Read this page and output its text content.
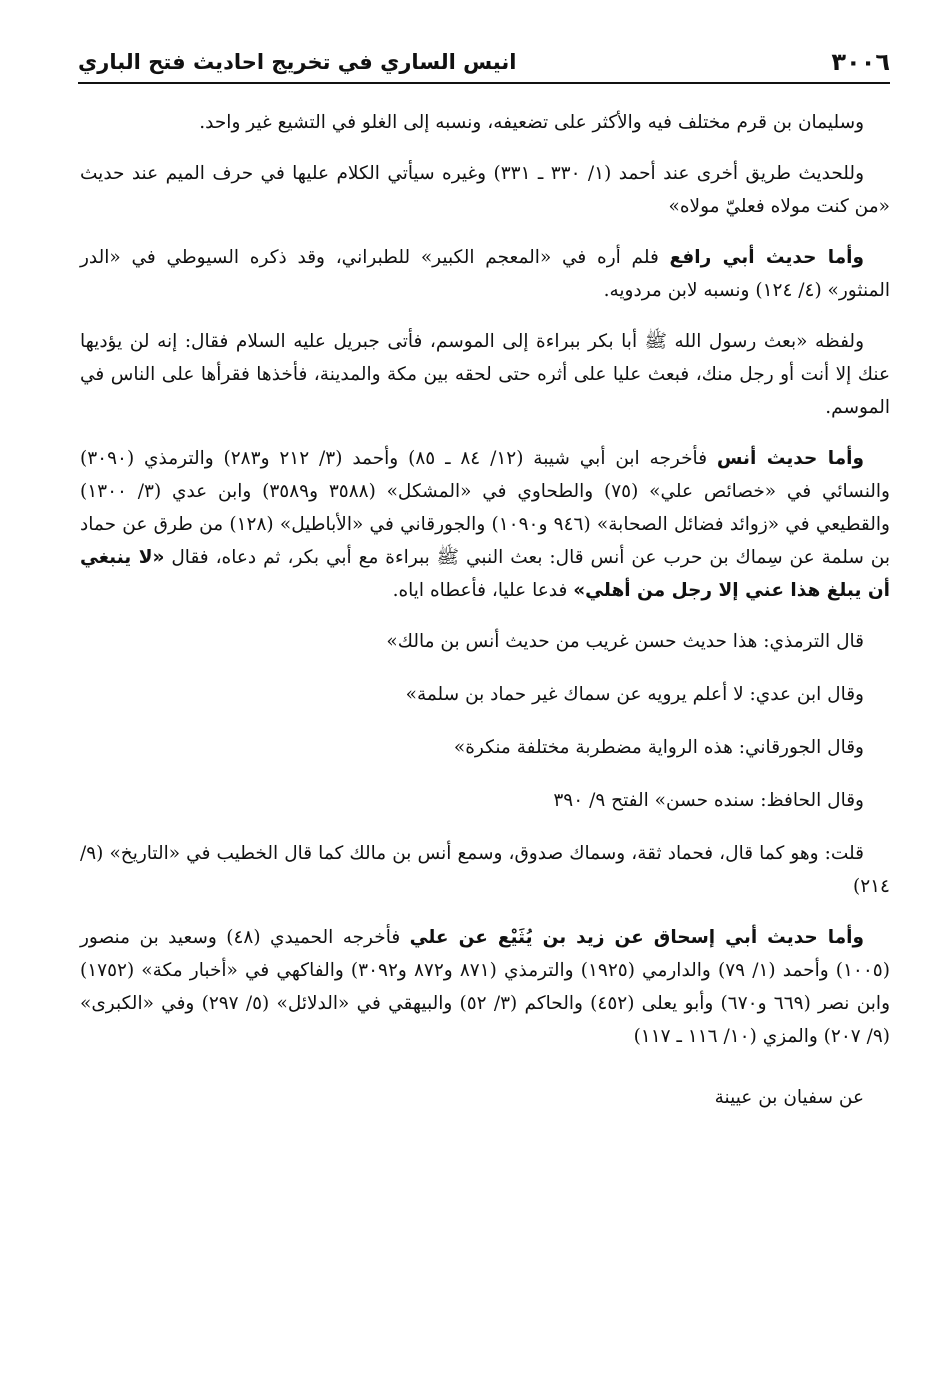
٣٠٠٦
انيس الساري في تخريج احاديث فتح الباري

وسليمان بن قرم مختلف فيه والأكثر على تضعيفه، ونسبه إلى الغلو في التشيع غير واحد.

وللحديث طريق أخرى عند أحمد (١/ ٣٣٠ ـ ٣٣١) وغيره سيأتي الكلام عليها في حرف الميم عند حديث «من كنت مولاه فعليّ مولاه»

وأما حديث أبي رافع فلم أره في «المعجم الكبير» للطبراني، وقد ذكره السيوطي في «الدر المنثور» (٤/ ١٢٤) ونسبه لابن مردويه.

ولفظه «بعث رسول الله ﷺ أبا بكر ببراءة إلى الموسم، فأتى جبريل عليه السلام فقال: إنه لن يؤديها عنك إلا أنت أو رجل منك، فبعث عليا على أثره حتى لحقه بين مكة والمدينة، فأخذها فقرأها على الناس في الموسم.

وأما حديث أنس فأخرجه ابن أبي شيبة (١٢/ ٨٤ ـ ٨٥) وأحمد (٣/ ٢١٢ و٢٨٣) والترمذي (٣٠٩٠) والنسائي في «خصائص علي» (٧٥) والطحاوي في «المشكل» (٣٥٨٨ و٣٥٨٩) وابن عدي (٣/ ١٣٠٠) والقطيعي في «زوائد فضائل الصحابة» (٩٤٦ و١٠٩٠) والجورقاني في «الأباطيل» (١٢٨) من طرق عن حماد بن سلمة عن سِماك بن حرب عن أنس قال: بعث النبي ﷺ ببراءة مع أبي بكر، ثم دعاه، فقال «لا ينبغي أن يبلغ هذا عني إلا رجل من أهلي» فدعا عليا، فأعطاه اياه.

قال الترمذي: هذا حديث حسن غريب من حديث أنس بن مالك»

وقال ابن عدي: لا أعلم يرويه عن سماك غير حماد بن سلمة»

وقال الجورقاني: هذه الرواية مضطربة مختلفة منكرة»

وقال الحافظ: سنده حسن» الفتح ٩/ ٣٩٠

قلت: وهو كما قال، فحماد ثقة، وسماك صدوق، وسمع أنس بن مالك كما قال الخطيب في «التاريخ» (٩/ ٢١٤)

وأما حديث أبي إسحاق عن زيد بن يُثَيْع عن علي فأخرجه الحميدي (٤٨) وسعيد بن منصور (١٠٠٥) وأحمد (١/ ٧٩) والدارمي (١٩٢٥) والترمذي (٨٧١ و٨٧٢ و٣٠٩٢) والفاكهي في «أخبار مكة» (١٧٥٢) وابن نصر (٦٦٩ و٦٧٠) وأبو يعلى (٤٥٢) والحاكم (٣/ ٥٢) والبيهقي في «الدلائل» (٥/ ٢٩٧) وفي «الكبرى» (٩/ ٢٠٧) والمزي (١٠/ ١١٦ ـ ١١٧)

عن سفيان بن عيينة
